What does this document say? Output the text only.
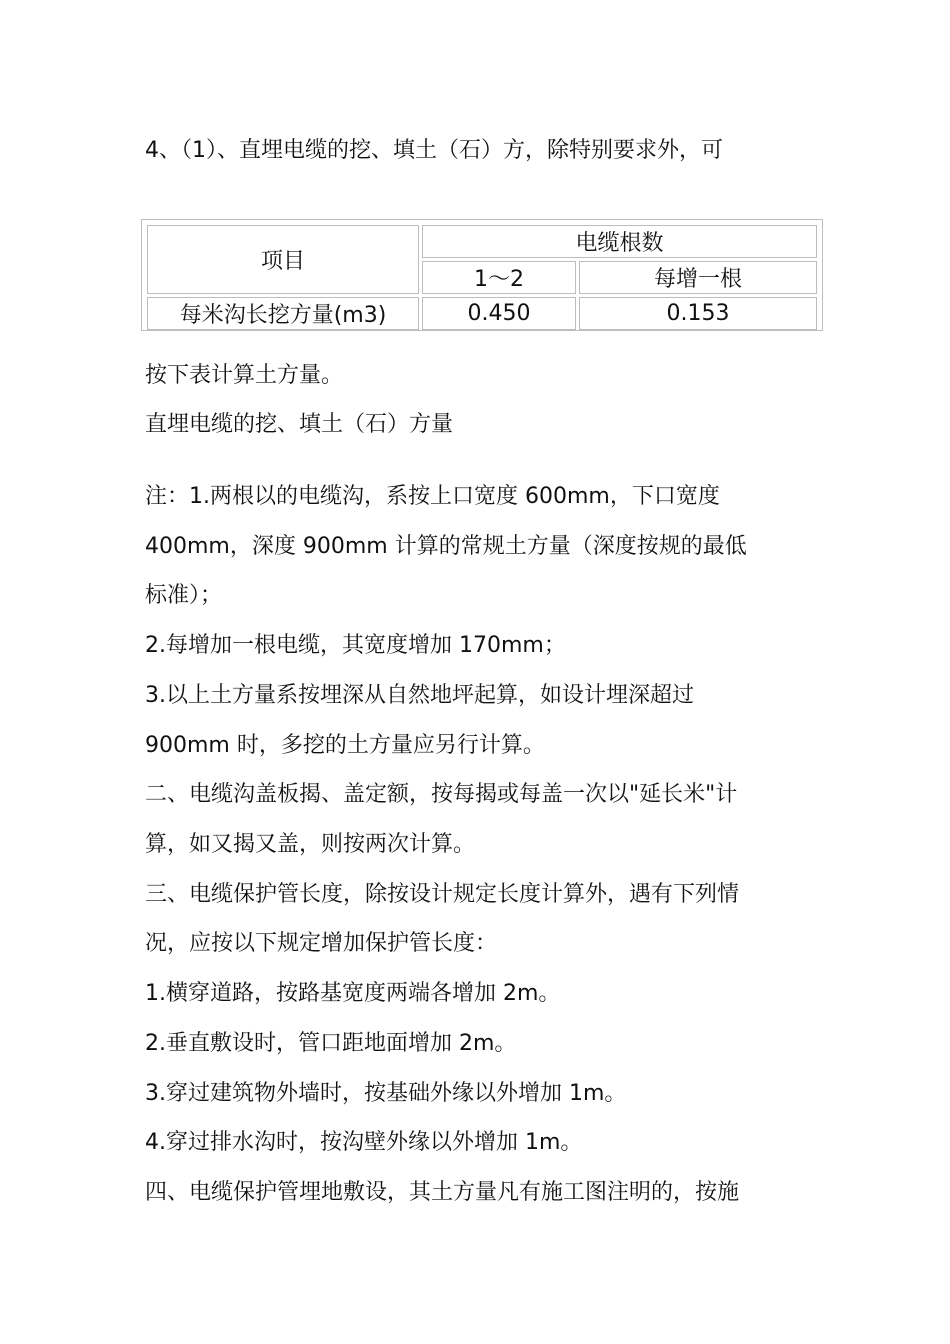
4、（1）、直埋电缆的挖、填土（石）方，除特别要求外，可
项目	电缆根数	
	1～2	每增一根
每米沟长挖方量(m3)	0.450	0.153
按下表计算土方量。
直埋电缆的挖、填土（石）方量
注：1.两根以的电缆沟，系按上口宽度 600mm，下口宽度
400mm，深度 900mm 计算的常规土方量（深度按规的最低
标准）；
2.每增加一根电缆，其宽度增加 170mm；
3.以上土方量系按埋深从自然地坪起算，如设计埋深超过
900mm 时，多挖的土方量应另行计算。
二、电缆沟盖板揭、盖定额，按每揭或每盖一次以"延长米"计
算，如又揭又盖，则按两次计算。
三、电缆保护管长度，除按设计规定长度计算外，遇有下列情
况，应按以下规定增加保护管长度：
1.横穿道路，按路基宽度两端各增加 2m。
2.垂直敷设时，管口距地面增加 2m。
3.穿过建筑物外墙时，按基础外缘以外增加 1m。
4.穿过排水沟时，按沟壁外缘以外增加 1m。
四、电缆保护管埋地敷设，其土方量凡有施工图注明的，按施
